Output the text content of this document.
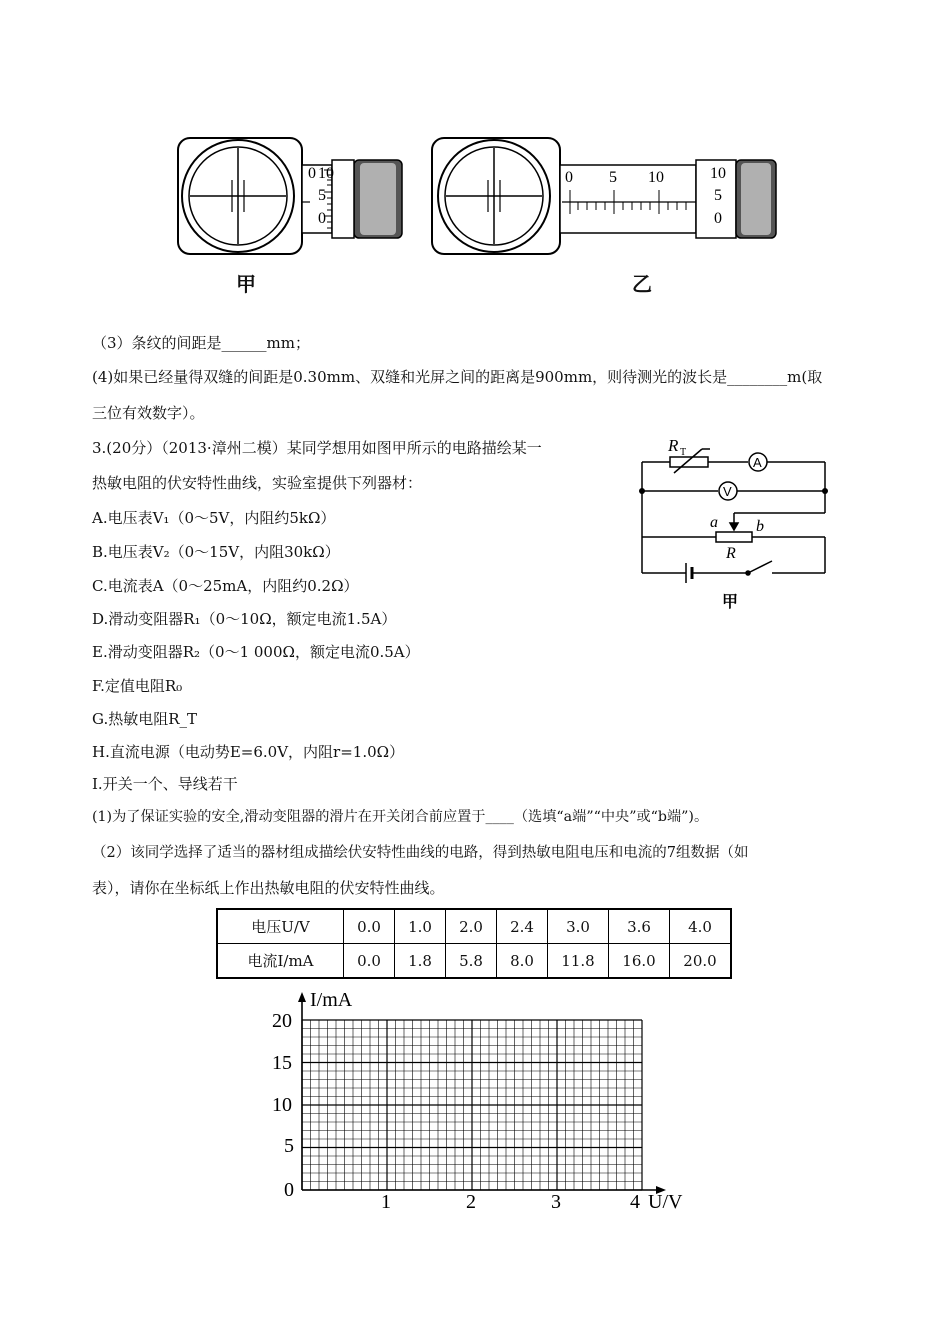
0 10
5
0
0 5 10	10
5
0
甲	乙
（3）条纹的间距是______mm；
(4)如果已经量得双缝的间距是0.30mm、双缝和光屏之间的距离是900mm，则待测光的波长是________m(取
三位有效数字）。
3.(20分）（2013·漳州二模）某同学想用如图甲所示的电路描绘某一
热敏电阻的伏安特性曲线，实验室提供下列器材：
A.电压表V₁（0～5V，内阻约5kΩ）
B.电压表V₂（0～15V，内阻30kΩ）
C.电流表A（0～25mA，内阻约0.2Ω）
D.滑动变阻器R₁（0～10Ω，额定电流1.5A）
E.滑动变阻器R₂（0～1 000Ω，额定电流0.5A）
F.定值电阻R₀
G.热敏电阻R_T
H.直流电源（电动势E=6.0V，内阻r=1.0Ω）
I.开关一个、导线若干
(1)为了保证实验的安全,滑动变阻器的滑片在开关闭合前应置于____（选填“a端”“中央”或“b端”)。
（2）该同学选择了适当的器材组成描绘伏安特性曲线的电路，得到热敏电阻电压和电流的7组数据（如
表），请你在坐标纸上作出热敏电阻的伏安特性曲线。
R T
A
V
a b
R
甲
电压U/V	0.0	1.0	2.0	2.4	3.0	3.6	4.0
电流I/mA	0.0	1.8	5.8	8.0	11.8	16.0	20.0
I/mA
U/V
20
15
10
5
0
1	2	3	4
